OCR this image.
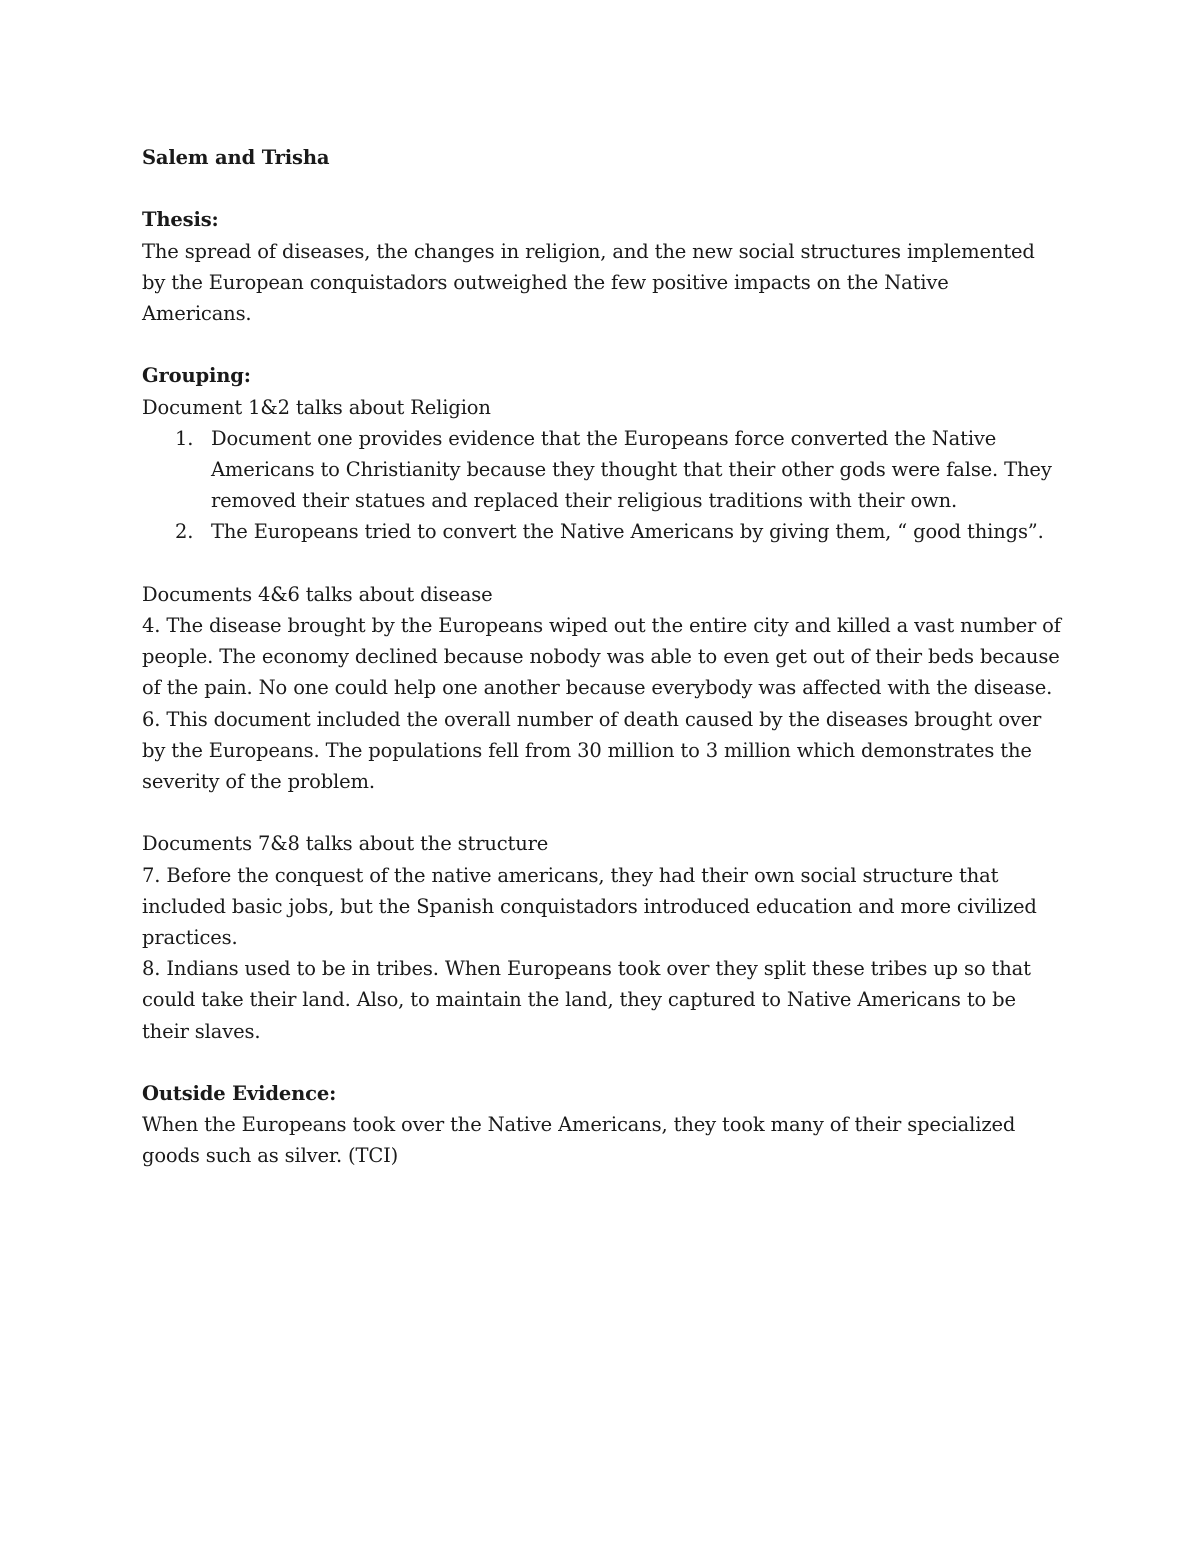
Salem and Trisha

Thesis:

The spread of diseases, the changes in religion, and the new social structures implemented by the European conquistadors outweighed the few positive impacts on the Native Americans.

Grouping:

Document 1&2 talks about Religion

1. Document one provides evidence that the Europeans force converted the Native Americans to Christianity because they thought that their other gods were false. They removed their statues and replaced their religious traditions with their own.
2. The Europeans tried to convert the Native Americans by giving them, “ good things”.

Documents 4&6 talks about disease

4. The disease brought by the Europeans wiped out the entire city and killed a vast number of people. The economy declined because nobody was able to even get out of their beds because of the pain. No one could help one another because everybody was affected with the disease.

6. This document included the overall number of death caused by the diseases brought over by the Europeans. The populations fell from 30 million to 3 million which demonstrates the severity of the problem.

Documents 7&8 talks about the structure

7. Before the conquest of the native americans, they had their own social structure that included basic jobs, but the Spanish conquistadors introduced education and more civilized practices.

8. Indians used to be in tribes. When Europeans took over they split these tribes up so that could take their land. Also, to maintain the land, they captured to Native Americans to be their slaves.

Outside Evidence:

When the Europeans took over the Native Americans, they took many of their specialized goods such as silver. (TCI)
